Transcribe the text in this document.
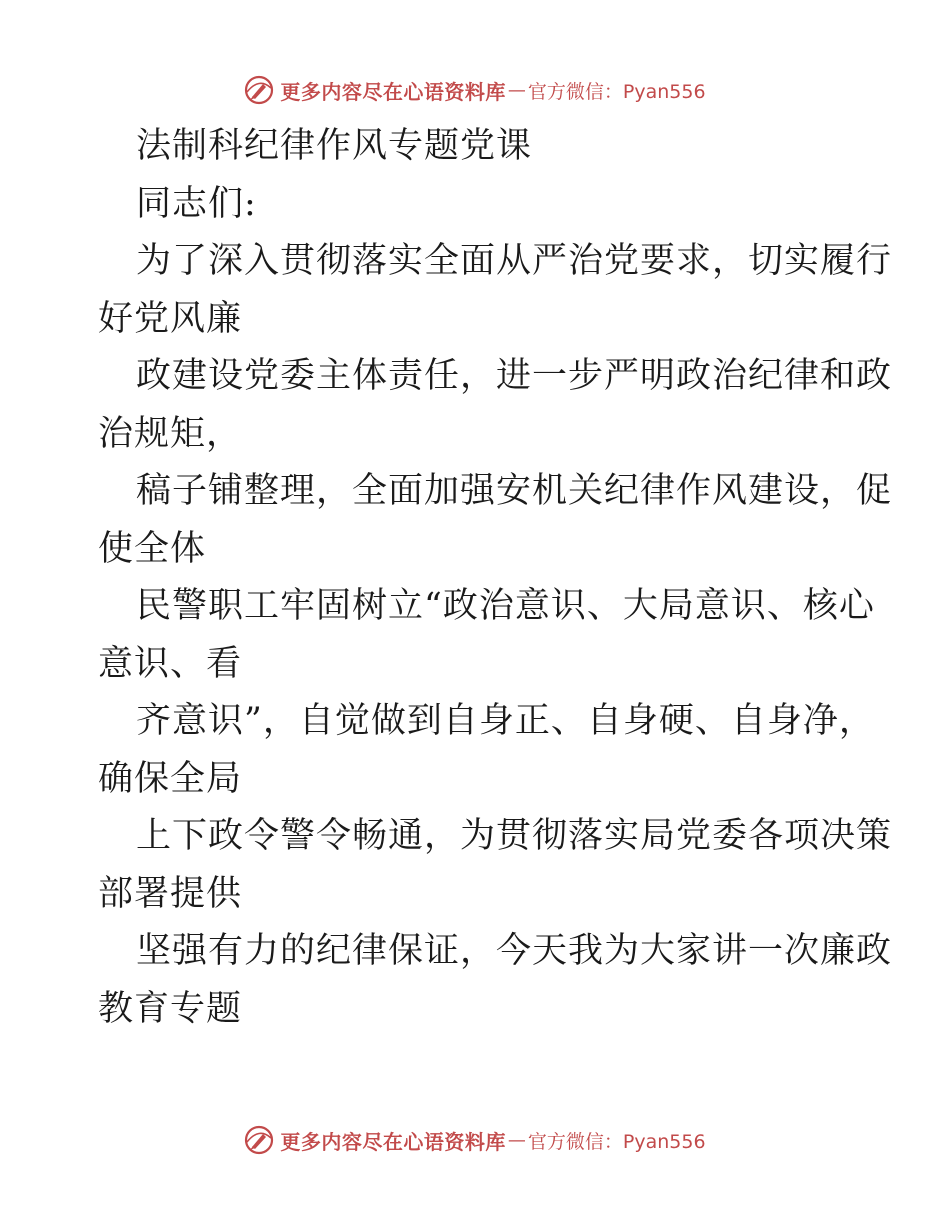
更多内容尽在心语资料库 — 官方微信：Pyan556
法制科纪律作风专题党课
同志们:
为了深入贯彻落实全面从严治党要求，切实履行
好党风廉
政建设党委主体责任，进一步严明政治纪律和政
治规矩，
稿子铺整理，全面加强安机关纪律作风建设，促
使全体
民警职工牢固树立“政治意识、大局意识、核心
意识、看
齐意识”，自觉做到自身正、自身硬、自身净，
确保全局
上下政令警令畅通，为贯彻落实局党委各项决策
部署提供
坚强有力的纪律保证，今天我为大家讲一次廉政
教育专题
更多内容尽在心语资料库 — 官方微信：Pyan556
